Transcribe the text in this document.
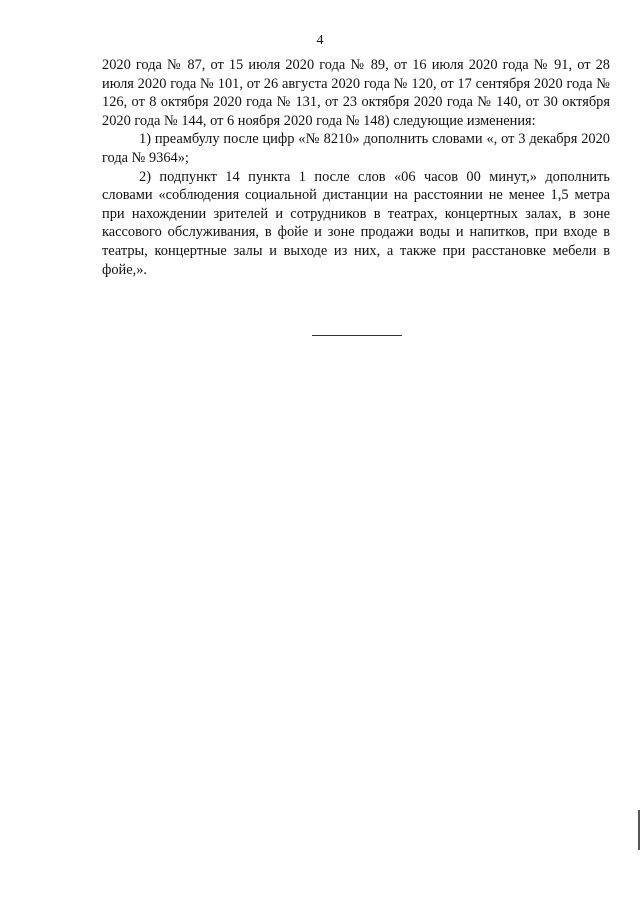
4

2020 года № 87, от 15 июля 2020 года № 89, от 16 июля 2020 года № 91, от 28 июля 2020 года № 101, от 26 августа 2020 года № 120, от 17 сентября 2020 года № 126, от 8 октября 2020 года № 131, от 23 октября 2020 года № 140, от 30 октября 2020 года № 144, от 6 ноября 2020 года № 148) следующие изменения:

1) преамбулу после цифр «№ 8210» дополнить словами «, от 3 декабря 2020 года № 9364»;

2) подпункт 14 пункта 1 после слов «06 часов 00 минут,» дополнить словами «соблюдения социальной дистанции на расстоянии не менее 1,5 метра при нахождении зрителей и сотрудников в театрах, концертных залах, в зоне кассового обслуживания, в фойе и зоне продажи воды и напитков, при входе в театры, концертные залы и выходе из них, а также при расстановке мебели в фойе,».
